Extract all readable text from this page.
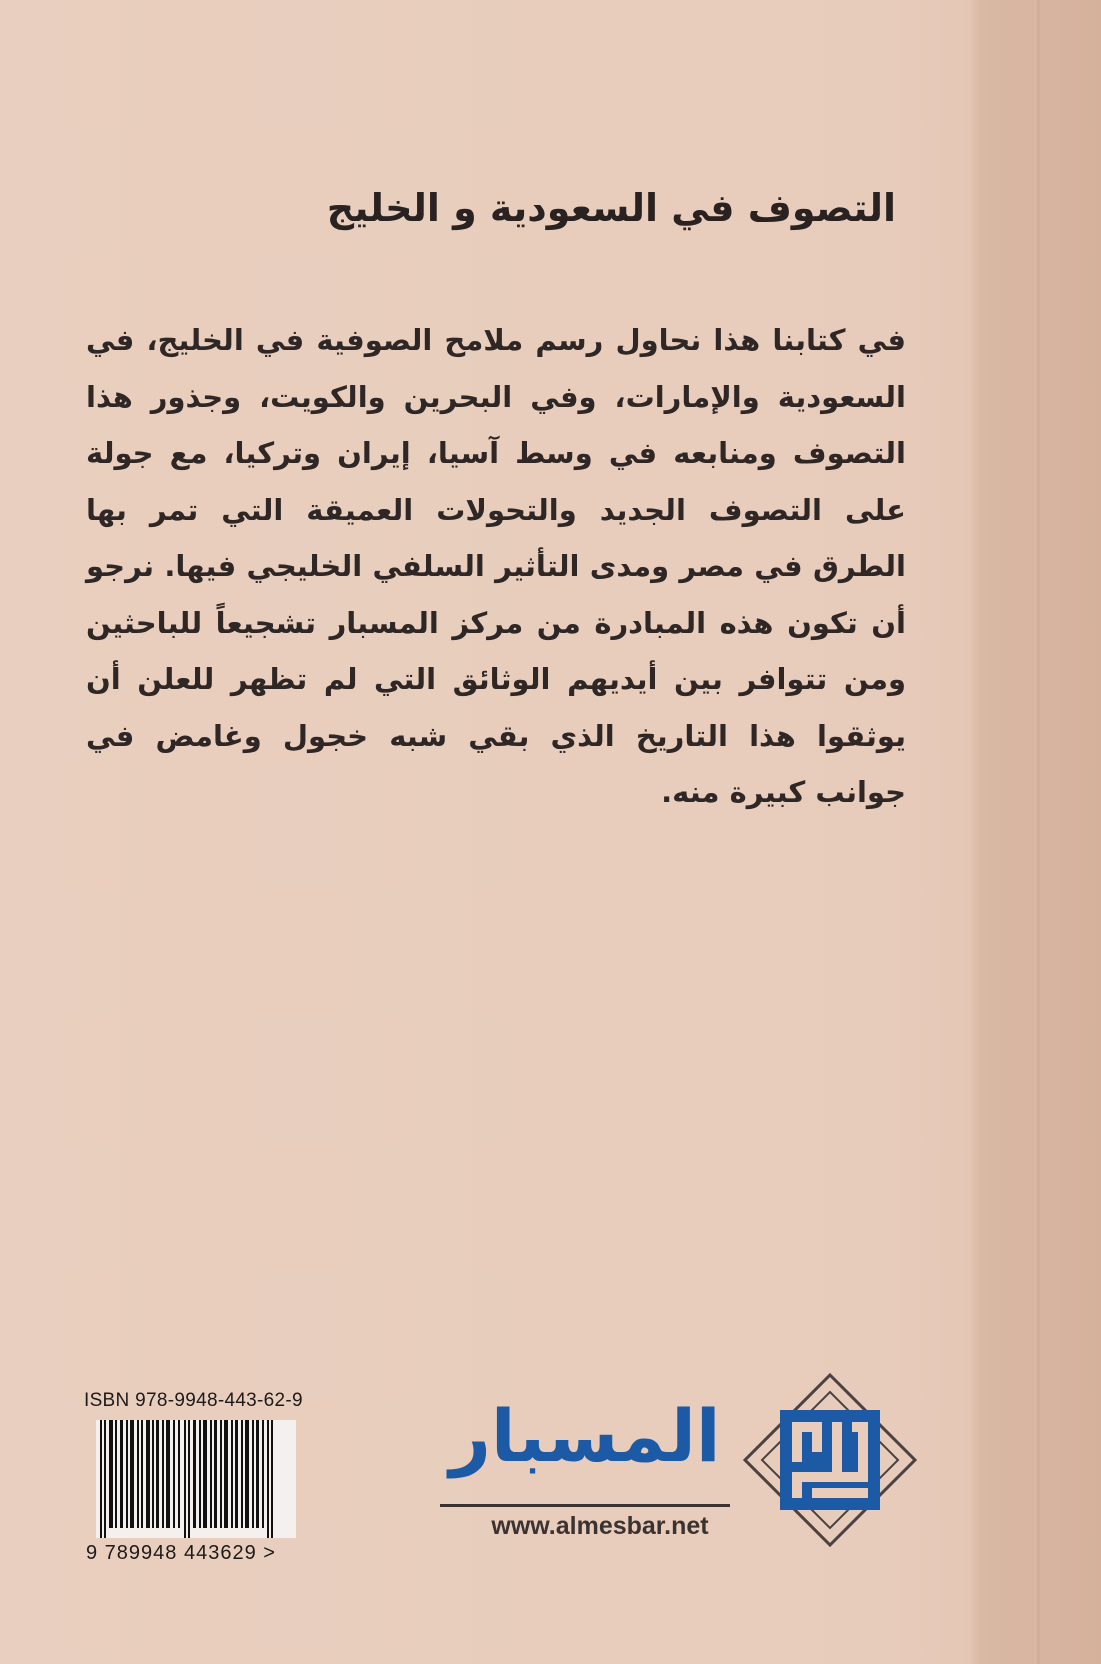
التصوف في السعودية و الخليج
في كتابنا هذا نحاول رسم ملامح الصوفية في الخليج، في السعودية والإمارات، وفي البحرين والكويت، وجذور هذا التصوف ومنابعه في وسط آسيا، إيران وتركيا، مع جولة على التصوف الجديد والتحولات العميقة التي تمر بها الطرق في مصر ومدى التأثير السلفي الخليجي فيها. نرجو أن تكون هذه المبادرة من مركز المسبار تشجيعاً للباحثين ومن تتوافر بين أيديهم الوثائق التي لم تظهر للعلن أن يوثقوا هذا التاريخ الذي بقي شبه خجول وغامض في جوانب كبيرة منه.
ISBN 978-9948-443-62-9
9 789948 443629 >
المسبار
www.almesbar.net
